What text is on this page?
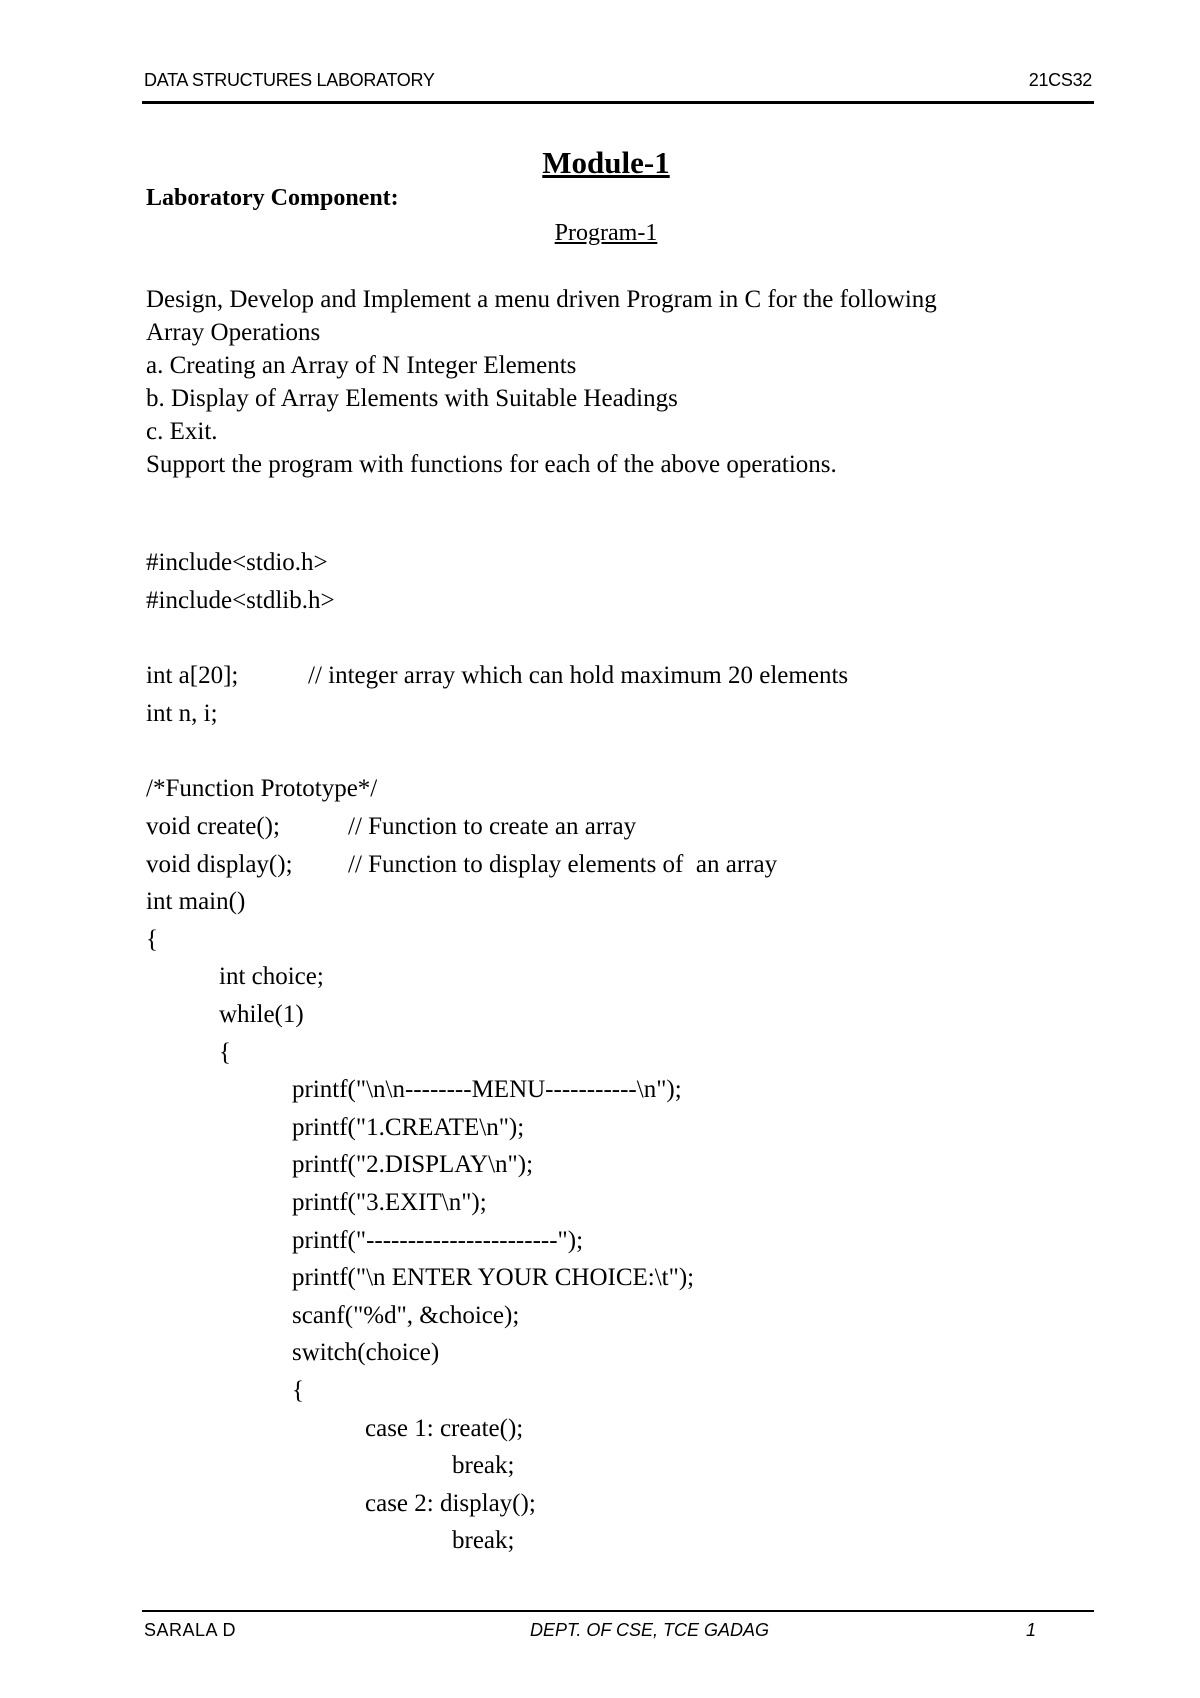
DATA STRUCTURES LABORATORY	21CS32
Module-1
Laboratory Component:
Program-1
Design, Develop and Implement a menu driven Program in C for the following
Array Operations
a. Creating an Array of N Integer Elements
b. Display of Array Elements with Suitable Headings
c. Exit.
Support the program with functions for each of the above operations.
#include<stdio.h>
#include<stdlib.h>
int a[20];	// integer array which can hold maximum 20 elements
int n, i;
/*Function Prototype*/
void create();	// Function to create an array
void display(); // Function to display elements of  an array
int main()
{
int choice;
while(1)
{
printf("\n\n--------MENU-----------\n");
printf("1.CREATE\n");
printf("2.DISPLAY\n");
printf("3.EXIT\n");
printf("-----------------------");
printf("\n ENTER YOUR CHOICE:\t");
scanf("%d", &choice);
switch(choice)
{
case 1: create();
break;
case 2: display();
break;
SARALA D	DEPT. OF CSE, TCE GADAG	1
